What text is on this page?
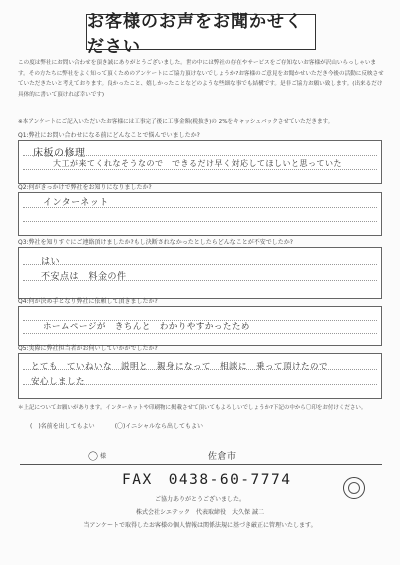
お客様のお声をお聞かせください
この度は弊社にお問い合わせを頂き誠にありがとうございました。世の中には弊社の存在やサービスをご存知ないお客様が沢山いらっしゃいます。その方たちに弊社をよく知って頂くためのアンケートにご協力頂けないでしょうか?お客様のご意見をお聞かせいただき今後の活動に反映させていただきたいと考えております。良かったこと、嬉しかったことなどのような些細な事でも結構です。是非ご協力お願い致します。(出来るだけ具体的に書いて頂ければ幸いです)
※本アンケートにご記入いただいたお客様には工事完了後に工事金額(税抜き)の 2%をキャッシュバックさせていただきます。
Q1:弊社にお問い合わせになる前にどんなことで悩んでいましたか?
床板の修理
大工が来てくれなそうなので　できるだけ早く対応してほしいと思っていた
Q2:何がきっかけで弊社をお知りになりましたか?
インターネット
Q3:弊社を知りすぐにご連絡頂けましたか?もし決断されなかったとしたらどんなことが不安でしたか?
はい
不安点は　料金の件
Q4:何が決め手となり弊社に依頼して頂きましたか?
ホームページが　きちんと　わかりやすかったため
Q5:実際に弊社担当者がお伺いしていかがでしたか?
とても　ていねいな　説明と　親身になって　相談に　乗って頂けたので
安心しました
＊上記についてお願いがあります。インターネットや印刷物に掲載させて頂いてもよろしいでしょうか?下記の中から〇印をお付けください。
(　)名前を出してもよい	(〇)イニシャルなら出してもよい
〇 様	佐倉市
FAX　0438-60-7774
ご協力ありがとうございました。
株式会社シエテック　代表取締役　大久保 誠二
当アンケートで取得したお客様の個人情報は関係法規に基づき厳正に管理いたします。
